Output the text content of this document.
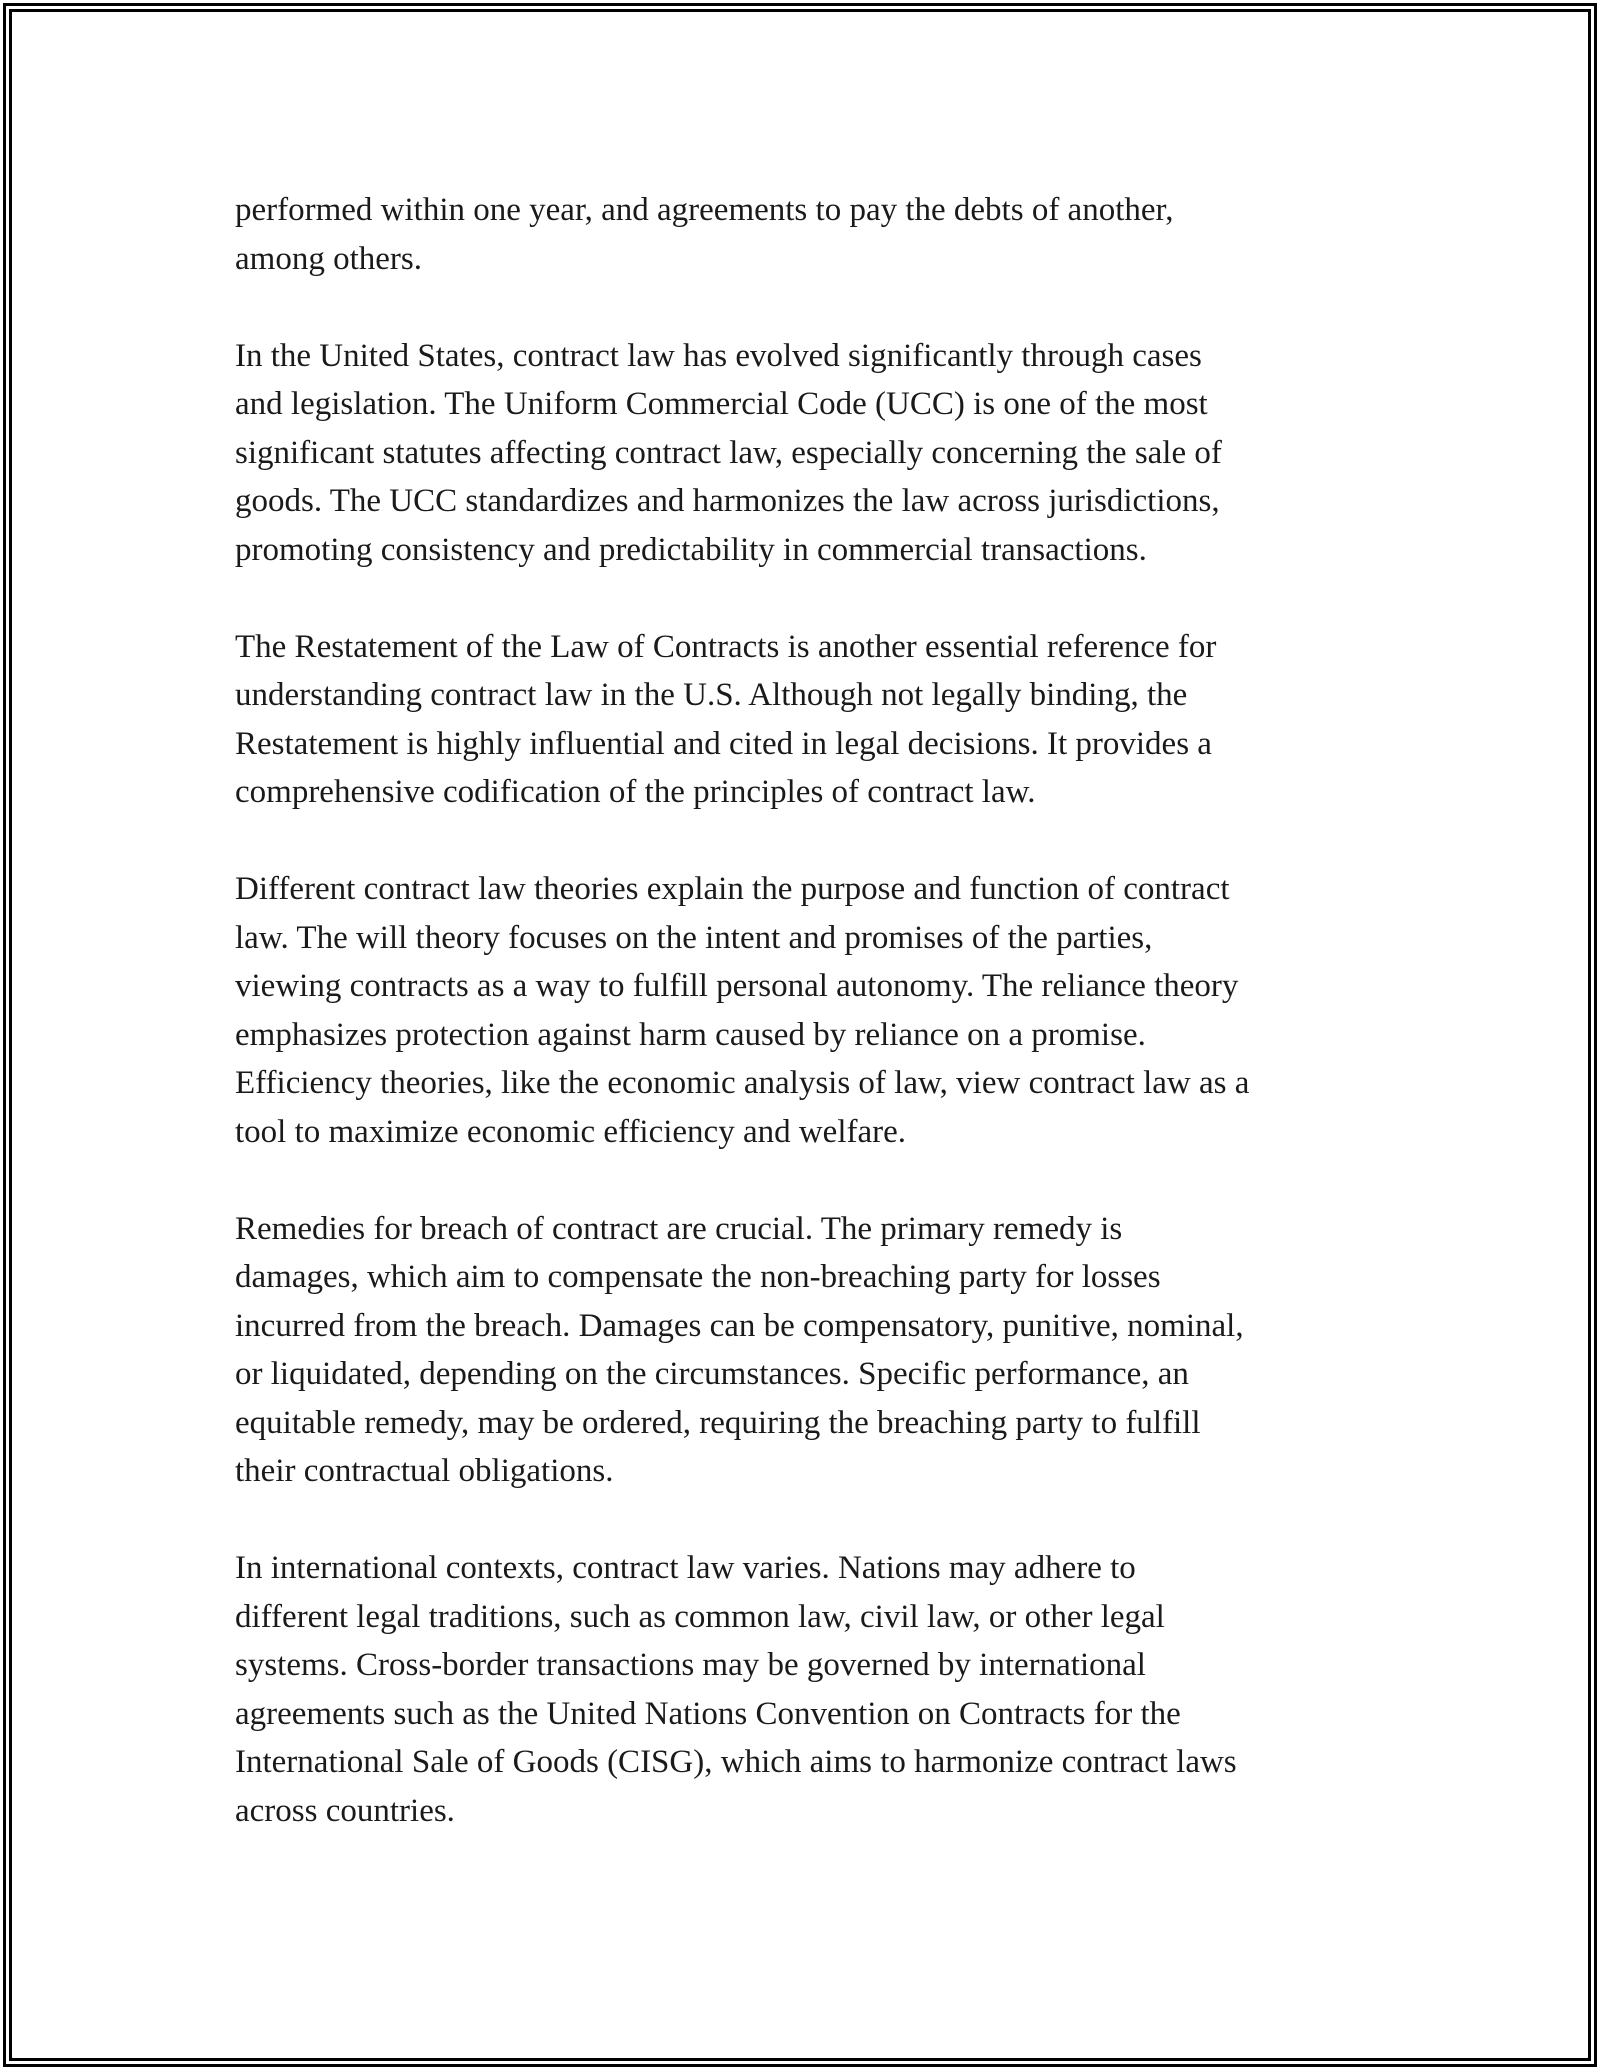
performed within one year, and agreements to pay the debts of another,
among others.

In the United States, contract law has evolved significantly through cases
and legislation. The Uniform Commercial Code (UCC) is one of the most
significant statutes affecting contract law, especially concerning the sale of
goods. The UCC standardizes and harmonizes the law across jurisdictions,
promoting consistency and predictability in commercial transactions.

The Restatement of the Law of Contracts is another essential reference for
understanding contract law in the U.S. Although not legally binding, the
Restatement is highly influential and cited in legal decisions. It provides a
comprehensive codification of the principles of contract law.

Different contract law theories explain the purpose and function of contract
law. The will theory focuses on the intent and promises of the parties,
viewing contracts as a way to fulfill personal autonomy. The reliance theory
emphasizes protection against harm caused by reliance on a promise.
Efficiency theories, like the economic analysis of law, view contract law as a
tool to maximize economic efficiency and welfare.

Remedies for breach of contract are crucial. The primary remedy is
damages, which aim to compensate the non-breaching party for losses
incurred from the breach. Damages can be compensatory, punitive, nominal,
or liquidated, depending on the circumstances. Specific performance, an
equitable remedy, may be ordered, requiring the breaching party to fulfill
their contractual obligations.

In international contexts, contract law varies. Nations may adhere to
different legal traditions, such as common law, civil law, or other legal
systems. Cross-border transactions may be governed by international
agreements such as the United Nations Convention on Contracts for the
International Sale of Goods (CISG), which aims to harmonize contract laws
across countries.
